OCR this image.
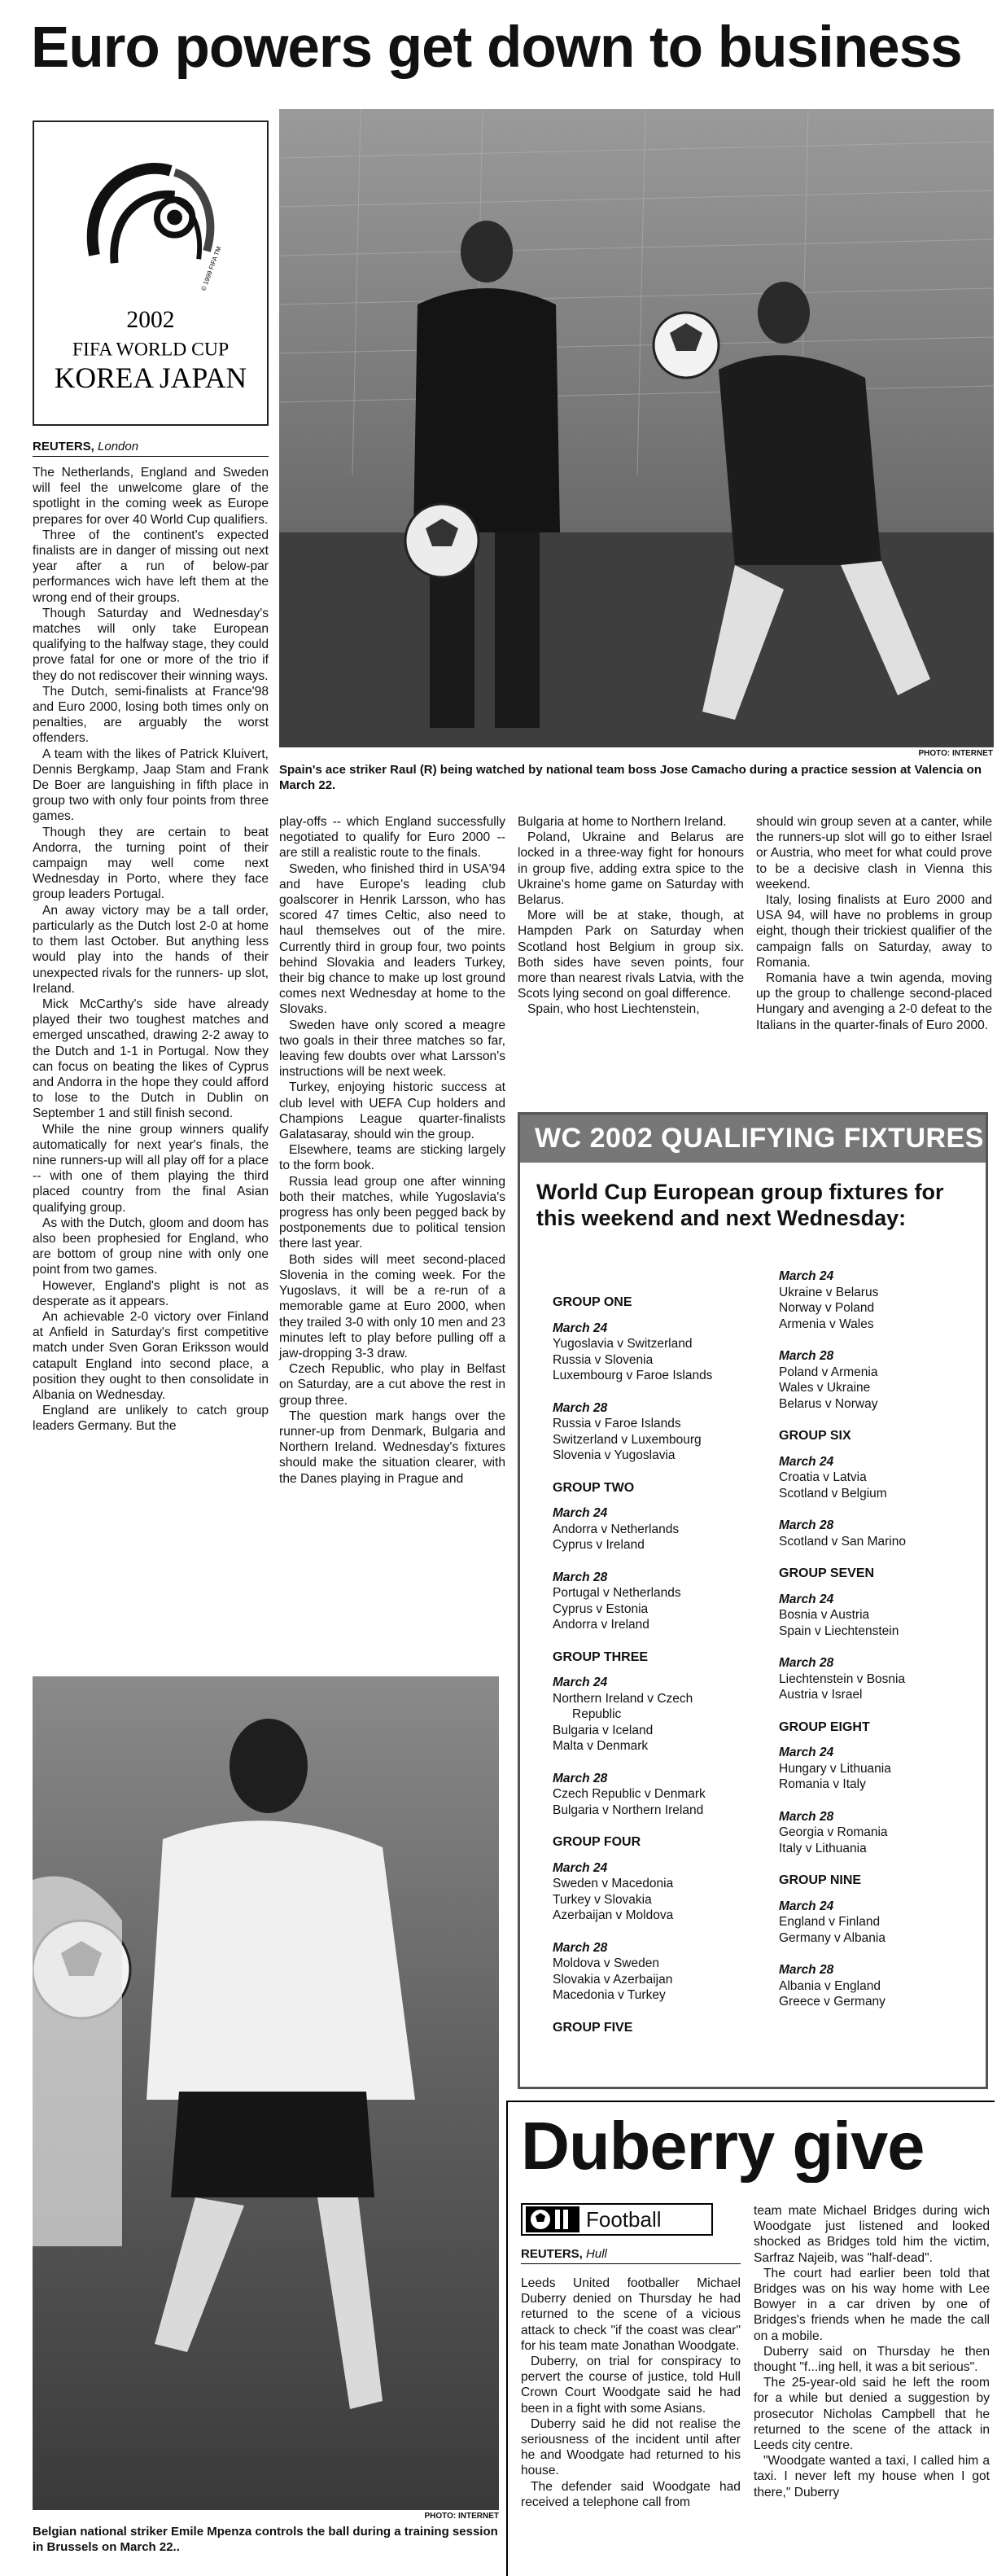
Euro powers get down to business
© 1999 FIFA TM
2002
FIFA WORLD CUP
KOREA JAPAN
PHOTO: INTERNET
Spain's ace striker Raul (R) being watched by national team boss Jose Camacho during a practice session at Valencia on March 22.
REUTERS, London

The Netherlands, England and Sweden will feel the unwelcome glare of the spotlight in the coming week as Europe prepares for over 40 World Cup qualifiers.

Three of the continent's expected finalists are in danger of missing out next year after a run of below-par performances wich have left them at the wrong end of their groups.

Though Saturday and Wednesday's matches will only take European qualifying to the halfway stage, they could prove fatal for one or more of the trio if they do not rediscover their winning ways.

The Dutch, semi-finalists at France'98 and Euro 2000, losing both times only on penalties, are arguably the worst offenders.

A team with the likes of Patrick Kluivert, Dennis Bergkamp, Jaap Stam and Frank De Boer are languishing in fifth place in group two with only four points from three games.

Though they are certain to beat Andorra, the turning point of their campaign may well come next Wednesday in Porto, where they face group leaders Portugal.

An away victory may be a tall order, particularly as the Dutch lost 2-0 at home to them last October. But anything less would play into the hands of their unexpected rivals for the runners- up slot, Ireland.

Mick McCarthy's side have already played their two toughest matches and emerged unscathed, drawing 2-2 away to the Dutch and 1-1 in Portugal. Now they can focus on beating the likes of Cyprus and Andorra in the hope they could afford to lose to the Dutch in Dublin on September 1 and still finish second.

While the nine group winners qualify automatically for next year's finals, the nine runners-up will all play off for a place -- with one of them playing the third placed country from the final Asian qualifying group.

As with the Dutch, gloom and doom has also been prophesied for England, who are bottom of group nine with only one point from two games.

However, England's plight is not as desperate as it appears.

An achievable 2-0 victory over Finland at Anfield in Saturday's first competitive match under Sven Goran Eriksson would catapult England into second place, a position they ought to then consolidate in Albania on Wednesday.

England are unlikely to catch group leaders Germany. But the

play-offs -- which England successfully negotiated to qualify for Euro 2000 -- are still a realistic route to the finals.

Sweden, who finished third in USA'94 and have Europe's leading club goalscorer in Henrik Larsson, who has scored 47 times Celtic, also need to haul themselves out of the mire. Currently third in group four, two points behind Slovakia and leaders Turkey, their big chance to make up lost ground comes next Wednesday at home to the Slovaks.

Sweden have only scored a meagre two goals in their three matches so far, leaving few doubts over what Larsson's instructions will be next week.

Turkey, enjoying historic success at club level with UEFA Cup holders and Champions League quarter-finalists Galatasaray, should win the group.

Elsewhere, teams are sticking largely to the form book.

Russia lead group one after winning both their matches, while Yugoslavia's progress has only been pegged back by postponements due to political tension there last year.

Both sides will meet second-placed Slovenia in the coming week. For the Yugoslavs, it will be a re-run of a memorable game at Euro 2000, when they trailed 3-0 with only 10 men and 23 minutes left to play before pulling off a jaw-dropping 3-3 draw.

Czech Republic, who play in Belfast on Saturday, are a cut above the rest in group three.

The question mark hangs over the runner-up from Denmark, Bulgaria and Northern Ireland. Wednesday's fixtures should make the situation clearer, with the Danes playing in Prague and

Bulgaria at home to Northern Ireland.

Poland, Ukraine and Belarus are locked in a three-way fight for honours in group five, adding extra spice to the Ukraine's home game on Saturday with Belarus.

More will be at stake, though, at Hampden Park on Saturday when Scotland host Belgium in group six. Both sides have seven points, four more than nearest rivals Latvia, with the Scots lying second on goal difference.

Spain, who host Liechtenstein,

should win group seven at a canter, while the runners-up slot will go to either Israel or Austria, who meet for what could prove to be a decisive clash in Vienna this weekend.

Italy, losing finalists at Euro 2000 and USA 94, will have no problems in group eight, though their trickiest qualifier of the campaign falls on Saturday, away to Romania.

Romania have a twin agenda, moving up the group to challenge second-placed Hungary and avenging a 2-0 defeat to the Italians in the quarter-finals of Euro 2000.

WC 2002 QUALIFYING FIXTURES
World Cup European group fixtures for this weekend and next Wednesday:
GROUP ONE
March 24
Yugoslavia v Switzerland
Russia v Slovenia
Luxembourg v Faroe Islands
March 28
Russia v Faroe Islands
Switzerland v Luxembourg
Slovenia v Yugoslavia
GROUP TWO
March 24
Andorra v Netherlands
Cyprus v Ireland
March 28
Portugal v Netherlands
Cyprus v Estonia
Andorra v Ireland
GROUP THREE
March 24
Northern Ireland v Czech
Republic
Bulgaria v Iceland
Malta v Denmark
March 28
Czech Republic v Denmark
Bulgaria v Northern Ireland
GROUP FOUR
March 24
Sweden v Macedonia
Turkey v Slovakia
Azerbaijan v Moldova
March 28
Moldova v Sweden
Slovakia v Azerbaijan
Macedonia v Turkey
GROUP FIVE
March 24
Ukraine v Belarus
Norway v Poland
Armenia v Wales
March 28
Poland v Armenia
Wales v Ukraine
Belarus v Norway
GROUP SIX
March 24
Croatia v Latvia
Scotland v Belgium
March 28
Scotland v San Marino
GROUP SEVEN
March 24
Bosnia v Austria
Spain v Liechtenstein
March 28
Liechtenstein v Bosnia
Austria v Israel
GROUP EIGHT
March 24
Hungary v Lithuania
Romania v Italy
March 28
Georgia v Romania
Italy v Lithuania
GROUP NINE
March 24
England v Finland
Germany v Albania
March 28
Albania v England
Greece v Germany
PHOTO: INTERNET
Belgian national striker Emile Mpenza controls the ball during a training session in Brussels on March 22..
Duberry give
Football
REUTERS, Hull

Leeds United footballer Michael Duberry denied on Thursday he had returned to the scene of a vicious attack to check "if the coast was clear" for his team mate Jonathan Woodgate.

Duberry, on trial for conspiracy to pervert the course of justice, told Hull Crown Court Woodgate said he had been in a fight with some Asians.

Duberry said he did not realise the seriousness of the incident until after he and Woodgate had returned to his house.

The defender said Woodgate had received a telephone call from

team mate Michael Bridges during wich Woodgate just listened and looked shocked as Bridges told him the victim, Sarfraz Najeib, was "half-dead".

The court had earlier been told that Bridges was on his way home with Lee Bowyer in a car driven by one of Bridges's friends when he made the call on a mobile.

Duberry said on Thursday he then thought "f...ing hell, it was a bit serious".

The 25-year-old said he left the room for a while but denied a suggestion by prosecutor Nicholas Campbell that he returned to the scene of the attack in Leeds city centre.

"Woodgate wanted a taxi, I called him a taxi. I never left my house when I got there," Duberry
